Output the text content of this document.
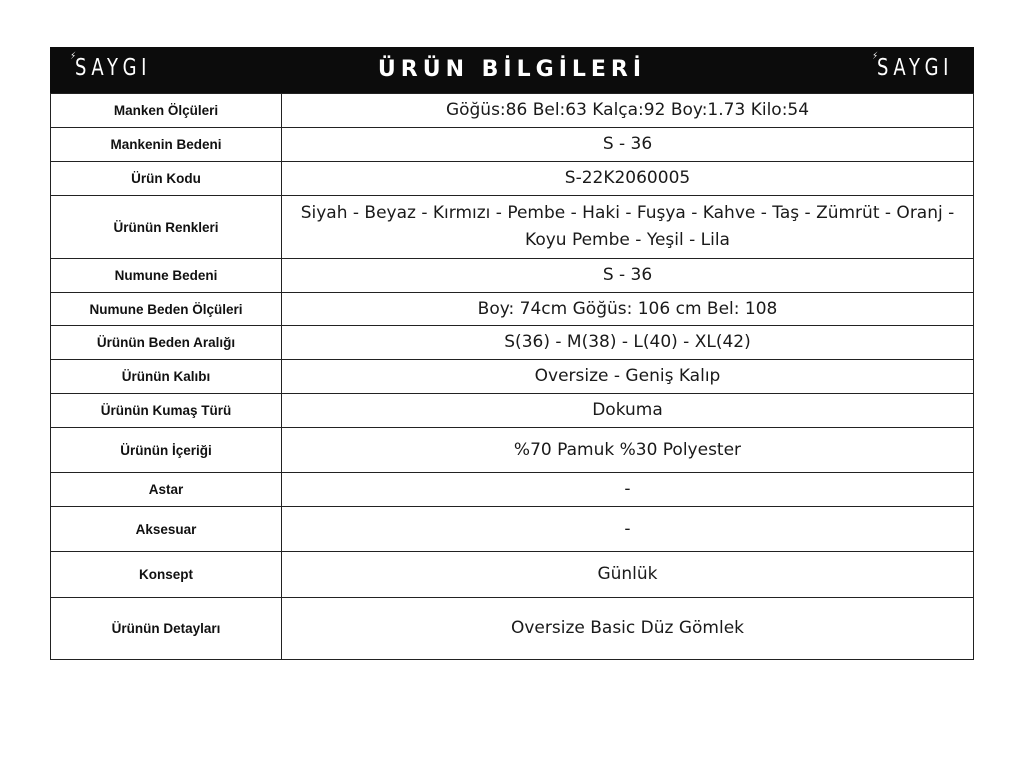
⚡ SAYGI	ÜRÜN BİLGİLERİ
⚡ SAYGI
Manken Ölçüleri	Göğüs:86 Bel:63 Kalça:92 Boy:1.73 Kilo:54
Mankenin Bedeni	S - 36
Ürün Kodu	S-22K2060005
Ürünün Renkleri	Siyah - Beyaz - Kırmızı - Pembe - Haki - Fuşya - Kahve - Taş - Zümrüt - Oranj - Koyu Pembe - Yeşil - Lila
Numune Bedeni	S - 36
Numune Beden Ölçüleri	Boy: 74cm Göğüs: 106 cm Bel: 108
Ürünün Beden Aralığı	S(36) - M(38) - L(40) - XL(42)
Ürünün Kalıbı	Oversize - Geniş Kalıp
Ürünün Kumaş Türü	Dokuma
Ürünün İçeriği	%70 Pamuk %30 Polyester
Astar	-
Aksesuar	-
Konsept	Günlük
Ürünün Detayları	Oversize Basic Düz Gömlek
